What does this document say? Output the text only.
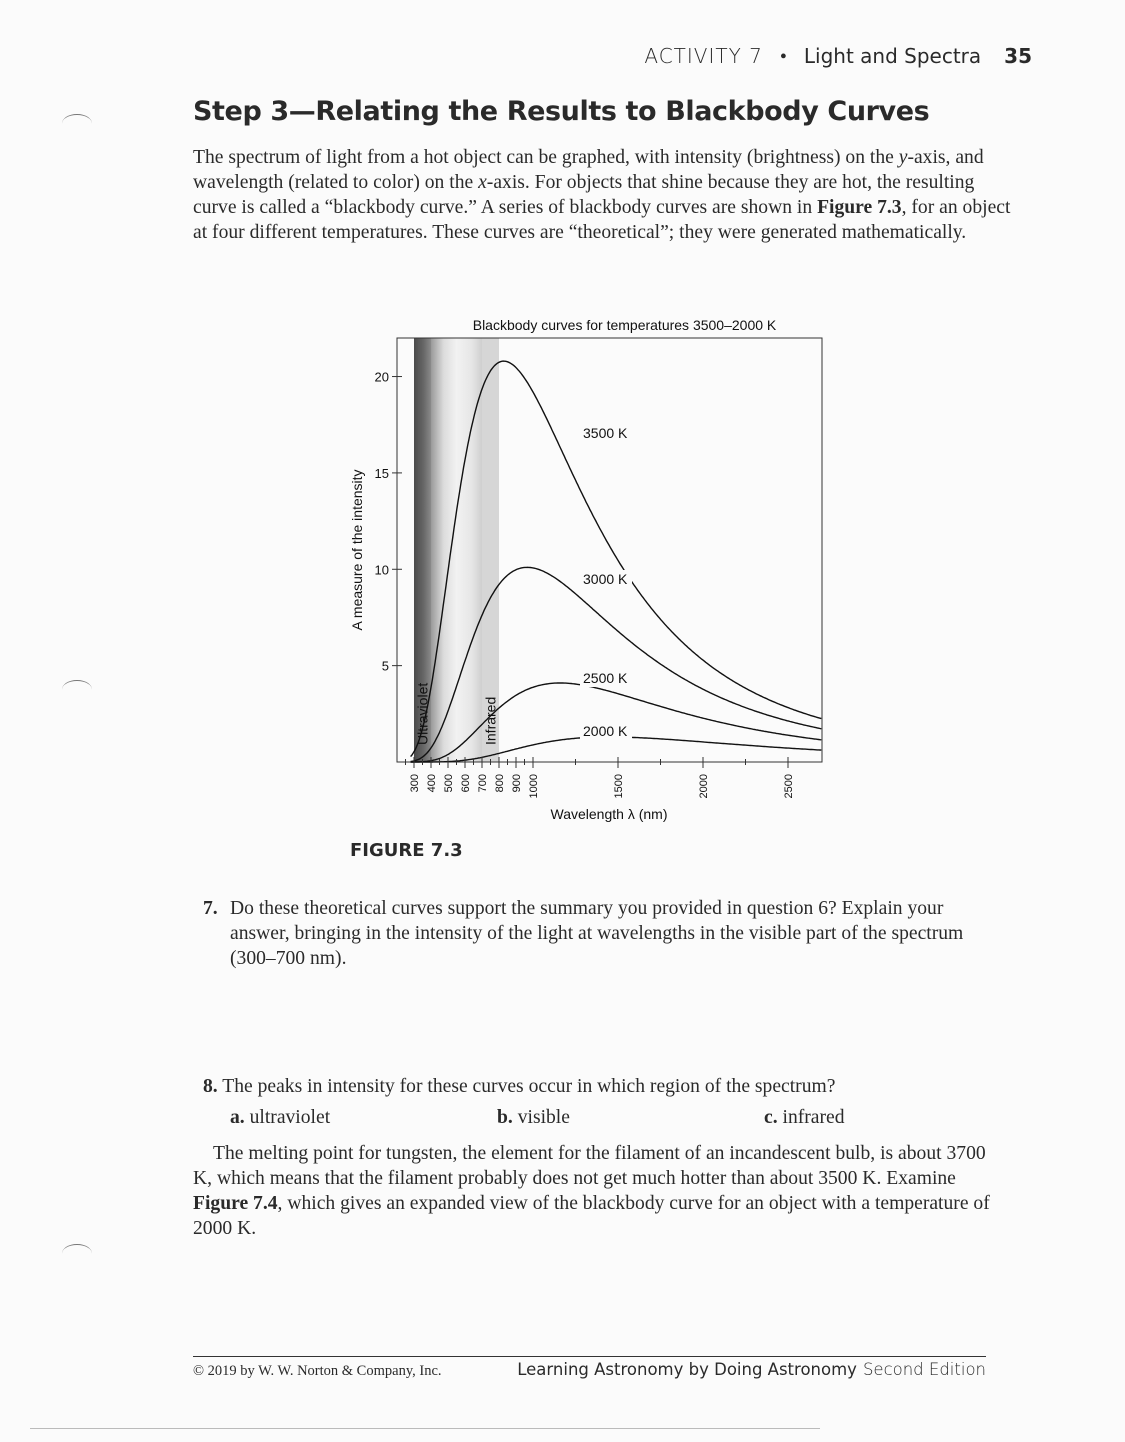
ACTIVITY 7 • Light and Spectra 35
Step 3—Relating the Results to Blackbody Curves

The spectrum of light from a hot object can be graphed, with intensity (brightness) on the y-axis, and wavelength (related to color) on the x-axis. For objects that shine because they are hot, the resulting curve is called a “blackbody curve.” A series of blackbody curves are shown in Figure 7.3, for an object at four different temperatures. These curves are “theoretical”; they were generated mathematically.

5
10
15
20
300 400 500 600 700 800 900 1000	1500	2000	2500
Ultraviolet	Infrared
3500 K
3000 K
2500 K
2000 K
Blackbody curves for temperatures 3500–2000 K
Wavelength λ (nm)
A measure of the intensity
FIGURE 7.3
7. Do these theoretical curves support the summary you provided in question 6? Explain your answer, bringing in the intensity of the light at wavelengths in the visible part of the spectrum (300–700 nm).
8. The peaks in intensity for these curves occur in which region of the spectrum?
a. ultraviolet	b. visible	c. infrared

The melting point for tungsten, the element for the filament of an incandescent bulb, is about 3700 K, which means that the filament probably does not get much hotter than about 3500 K. Examine Figure 7.4, which gives an expanded view of the blackbody curve for an object with a temperature of 2000 K.

© 2019 by W. W. Norton & Company, Inc.	Learning Astronomy by Doing Astronomy Second Edition
